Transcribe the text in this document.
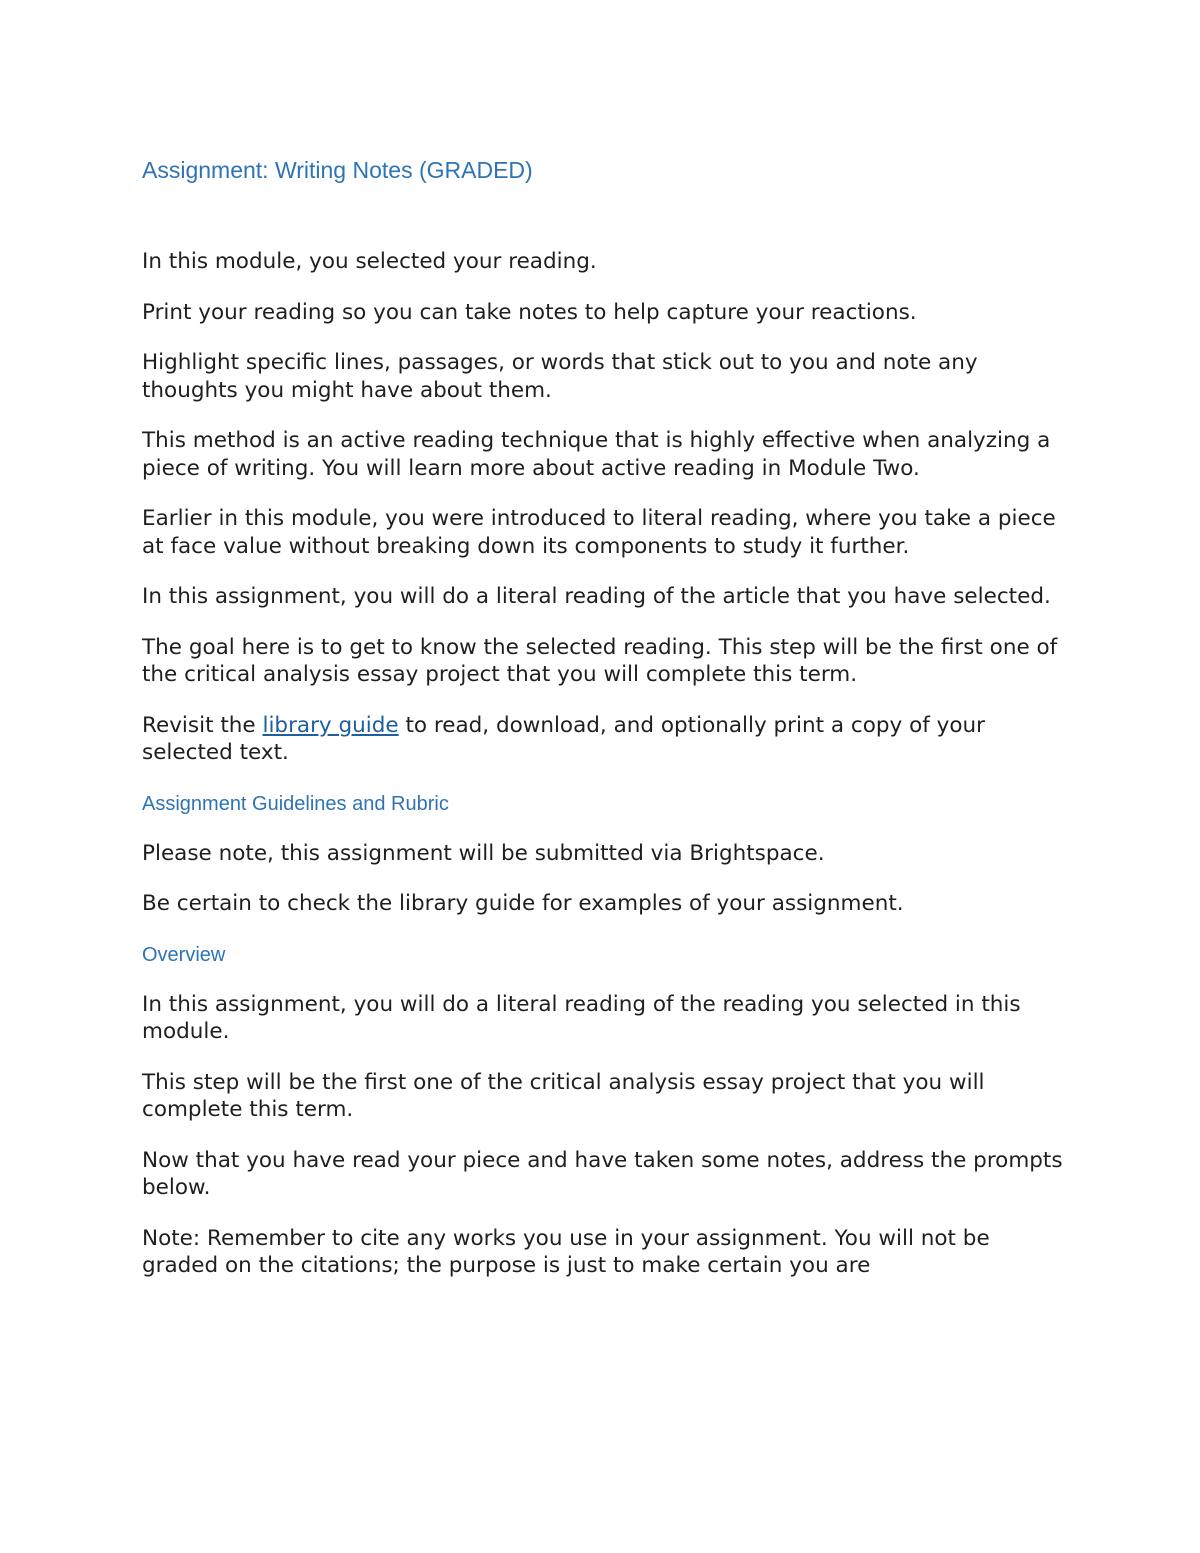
Assignment: Writing Notes (GRADED)

In this module, you selected your reading.

Print your reading so you can take notes to help capture your reactions.

Highlight specific lines, passages, or words that stick out to you and note any thoughts you might have about them.

This method is an active reading technique that is highly effective when analyzing a piece of writing. You will learn more about active reading in Module Two.

Earlier in this module, you were introduced to literal reading, where you take a piece at face value without breaking down its components to study it further.

In this assignment, you will do a literal reading of the article that you have selected.

The goal here is to get to know the selected reading. This step will be the first one of the critical analysis essay project that you will complete this term.

Revisit the library guide to read, download, and optionally print a copy of your selected text.

Assignment Guidelines and Rubric

Please note, this assignment will be submitted via Brightspace.

Be certain to check the library guide for examples of your assignment.

Overview

In this assignment, you will do a literal reading of the reading you selected in this module.

This step will be the first one of the critical analysis essay project that you will complete this term.

Now that you have read your piece and have taken some notes, address the prompts below.

Note: Remember to cite any works you use in your assignment. You will not be graded on the citations; the purpose is just to make certain you are
